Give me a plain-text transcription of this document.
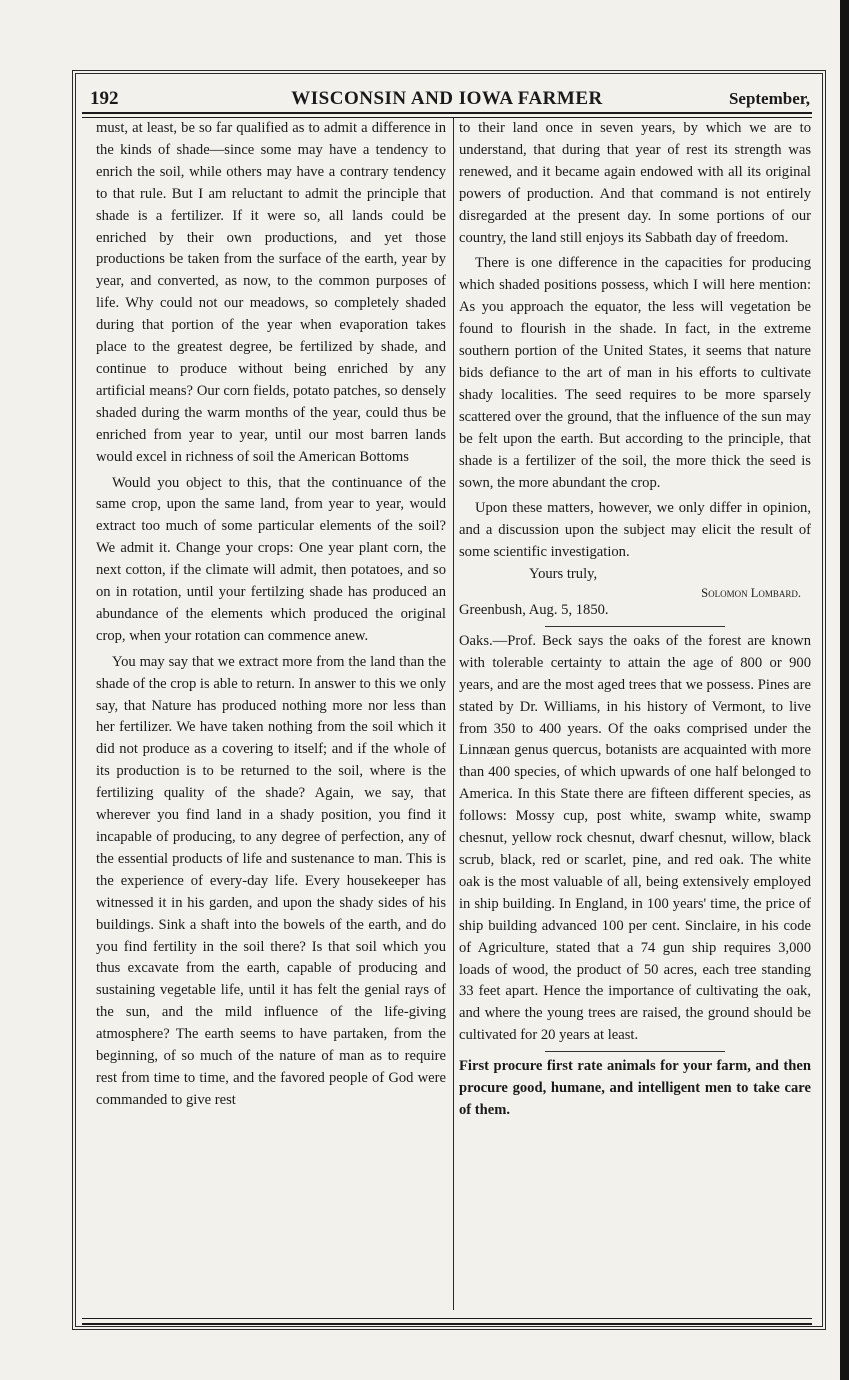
192	WISCONSIN AND IOWA FARMER	September,

must, at least, be so far qualified as to admit a difference in the kinds of shade—since some may have a tendency to enrich the soil, while others may have a contrary tendency to that rule. But I am reluctant to admit the principle that shade is a fertilizer. If it were so, all lands could be enriched by their own productions, and yet those productions be taken from the surface of the earth, year by year, and converted, as now, to the common purposes of life. Why could not our meadows, so completely shaded during that portion of the year when evaporation takes place to the greatest degree, be fertilized by shade, and continue to produce without being enriched by any artificial means? Our corn fields, potato patches, so densely shaded during the warm months of the year, could thus be enriched from year to year, until our most barren lands would excel in richness of soil the American Bottoms

Would you object to this, that the continuance of the same crop, upon the same land, from year to year, would extract too much of some particular elements of the soil? We admit it. Change your crops: One year plant corn, the next cotton, if the climate will admit, then potatoes, and so on in rotation, until your fertilzing shade has produced an abundance of the elements which produced the original crop, when your rotation can commence anew.

You may say that we extract more from the land than the shade of the crop is able to return. In answer to this we only say, that Nature has produced nothing more nor less than her fertilizer. We have taken nothing from the soil which it did not produce as a covering to itself; and if the whole of its production is to be returned to the soil, where is the fertilizing quality of the shade? Again, we say, that wherever you find land in a shady position, you find it incapable of producing, to any degree of perfection, any of the essential products of life and sustenance to man. This is the experience of every-day life. Every housekeeper has witnessed it in his garden, and upon the shady sides of his buildings. Sink a shaft into the bowels of the earth, and do you find fertility in the soil there? Is that soil which you thus excavate from the earth, capable of producing and sustaining vegetable life, until it has felt the genial rays of the sun, and the mild influence of the life-giving atmosphere? The earth seems to have partaken, from the beginning, of so much of the nature of man as to require rest from time to time, and the favored people of God were commanded to give rest

to their land once in seven years, by which we are to understand, that during that year of rest its strength was renewed, and it became again endowed with all its original powers of production. And that command is not entirely disregarded at the present day. In some portions of our country, the land still enjoys its Sabbath day of freedom.

There is one difference in the capacities for producing which shaded positions possess, which I will here mention: As you approach the equator, the less will vegetation be found to flourish in the shade. In fact, in the extreme southern portion of the United States, it seems that nature bids defiance to the art of man in his efforts to cultivate shady localities. The seed requires to be more sparsely scattered over the ground, that the influence of the sun may be felt upon the earth. But according to the principle, that shade is a fertilizer of the soil, the more thick the seed is sown, the more abundant the crop.

Upon these matters, however, we only differ in opinion, and a discussion upon the subject may elicit the result of some scientific investigation.

Yours truly,

Solomon Lombard.

Greenbush, Aug. 5, 1850.

Oaks.—Prof. Beck says the oaks of the forest are known with tolerable certainty to attain the age of 800 or 900 years, and are the most aged trees that we possess. Pines are stated by Dr. Williams, in his history of Vermont, to live from 350 to 400 years. Of the oaks comprised under the Linnæan genus quercus, botanists are acquainted with more than 400 species, of which upwards of one half belonged to America. In this State there are fifteen different species, as follows: Mossy cup, post white, swamp white, swamp chesnut, yellow rock chesnut, dwarf chesnut, willow, black scrub, black, red or scarlet, pine, and red oak. The white oak is the most valuable of all, being extensively employed in ship building. In England, in 100 years' time, the price of ship building advanced 100 per cent. Sinclaire, in his code of Agriculture, stated that a 74 gun ship requires 3,000 loads of wood, the product of 50 acres, each tree standing 33 feet apart. Hence the importance of cultivating the oak, and where the young trees are raised, the ground should be cultivated for 20 years at least.

First procure first rate animals for your farm, and then procure good, humane, and intelligent men to take care of them.
